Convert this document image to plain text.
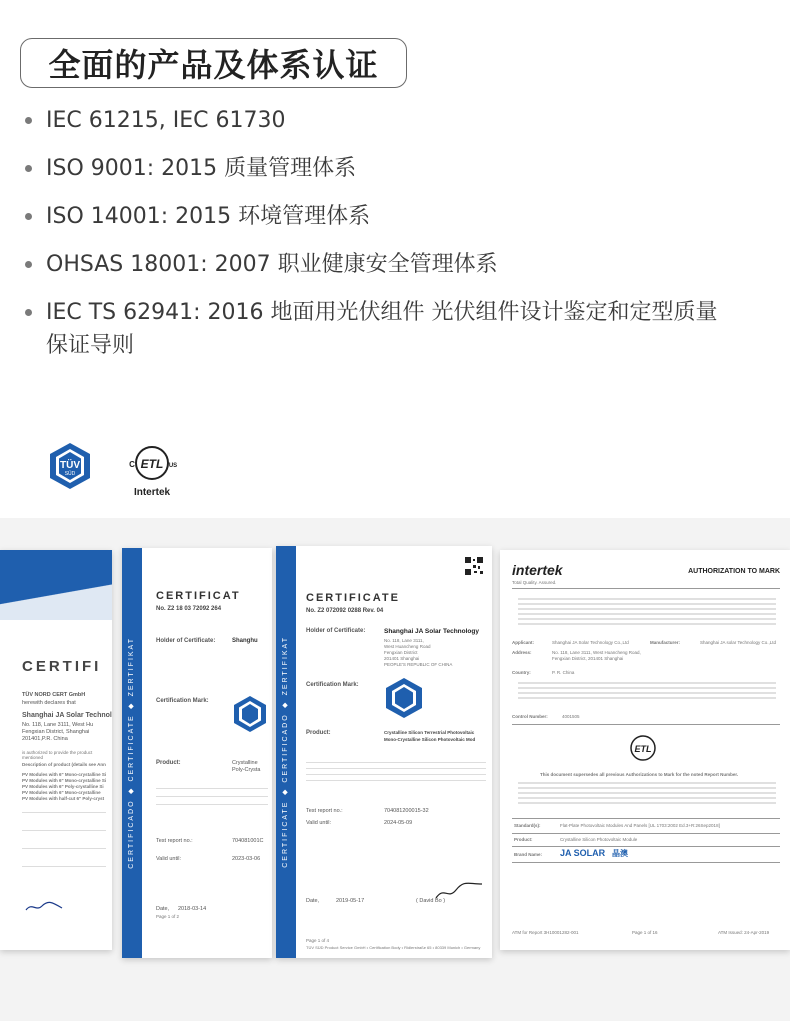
全面的产品及体系认证
IEC 61215, IEC 61730
ISO 9001: 2015 质量管理体系
ISO 14001: 2015 环境管理体系
OHSAS 18001: 2007 职业健康安全管理体系
IEC TS 62941: 2016 地面用光伏组件 光伏组件设计鉴定和定型质量保证导则
TÜV
SÜD
ETL
C	US
Intertek
CERTIFI
TÜV NORD CERT GmbH
herewith declares that
Shanghai JA Solar Technol
No. 118, Lane 3111, West Hu
Fengxian District, Shanghai
201401,P.R. China
is authorized to provide the product mentioned
Description of product (details see Ann
PV Modules with 6" Mono-crystalline Si
PV Modules with 6" Mono-crystalline Si
PV Modules with 6" Poly-crystalline Si
PV Modules with 6" Mono-crystalline
PV Modules with half-cut 6" Poly-cryst	CERTIFICADO ◆ CERTIFICATE ◆ ZERTIFIKAT
CERTIFICAT
No. Z2 18 03 72092 264
Holder of Certificate:	Shanghu
Certification Mark:
Product:	Crystalline Poly-Crysta
Test report no.:	704081001C
Valid until:	2023-03-06
Date, 2018-03-14
Page 1 of 2
CERTIFICATE ◆ CERTIFICADO ◆ ZERTIFIKAT
CERTIFICATE
No. Z2 072092 0288 Rev. 04
Holder of Certificate:	Shanghai JA Solar Technology
No. 118, Lane 3111,
West Huancheng Road
Fengxian District
201401 Shanghai
PEOPLE'S REPUBLIC OF CHINA
Certification Mark:
Product:	Crystalline Silicon Terrestrial Photovoltaic
Mono-Crystalline Silicon Photovoltaic Mod
Test report no.:	704081200015-32
Valid until:	2024-05-09
Date,	2019-05-17	( David Bo )
Page 1 of 4
TÜV SÜD Product Service GmbH • Certification Body • Ridlerstraße 65 • 80339 Munich • Germany
intertek
Total Quality. Assured.
AUTHORIZATION TO MARK
Applicant:	Shanghai JA Solar Technology Co.,Ltd	Manufacturer:	Shanghai JA solar Technology Co.,Ltd
Address:	No. 118, Lane 3111, West Huancheng Road, Fengxian District, 201401 Shanghai
Country:	P. R. China
Control Number:	4001505
ETL
This document supersedes all previous Authorizations to Mark for the noted Report Number.
Standard(s):	Flat-Plate Photovoltaic Modules And Panels [UL 1703:2002 Ed.3+R:26Sep2018]
Product:	Crystalline Silicon Photovoltaic Module
Brand Name: JA SOLAR 晶澳
ATM for Report 3H10001282-001	Page 1 of 16	ATM Issued: 24-Apr-2019
